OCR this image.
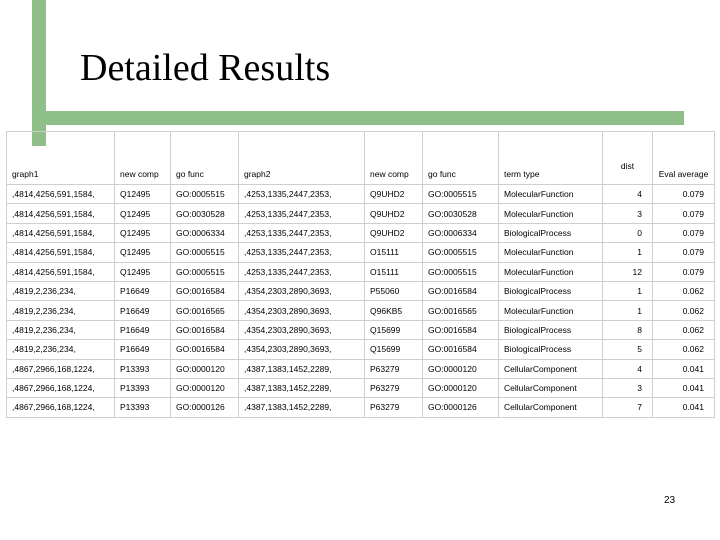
Detailed Results
graph1	new comp	go func	graph2	new comp	go func	term type	dist	Eval average
,4814,4256,591,1584,	Q12495	GO:0005515	,4253,1335,2447,2353,	Q9UHD2	GO:0005515	MolecularFunction	4	0.079
,4814,4256,591,1584,	Q12495	GO:0030528	,4253,1335,2447,2353,	Q9UHD2	GO:0030528	MolecularFunction	3	0.079
,4814,4256,591,1584,	Q12495	GO:0006334	,4253,1335,2447,2353,	Q9UHD2	GO:0006334	BiologicalProcess	0	0.079
,4814,4256,591,1584,	Q12495	GO:0005515	,4253,1335,2447,2353,	O15111	GO:0005515	MolecularFunction	1	0.079
,4814,4256,591,1584,	Q12495	GO:0005515	,4253,1335,2447,2353,	O15111	GO:0005515	MolecularFunction	12	0.079
,4819,2,236,234,	P16649	GO:0016584	,4354,2303,2890,3693,	P55060	GO:0016584	BiologicalProcess	1	0.062
,4819,2,236,234,	P16649	GO:0016565	,4354,2303,2890,3693,	Q96KB5	GO:0016565	MolecularFunction	1	0.062
,4819,2,236,234,	P16649	GO:0016584	,4354,2303,2890,3693,	Q15699	GO:0016584	BiologicalProcess	8	0.062
,4819,2,236,234,	P16649	GO:0016584	,4354,2303,2890,3693,	Q15699	GO:0016584	BiologicalProcess	5	0.062
,4867,2966,168,1224,	P13393	GO:0000120	,4387,1383,1452,2289,	P63279	GO:0000120	CellularComponent	4	0.041
,4867,2966,168,1224,	P13393	GO:0000120	,4387,1383,1452,2289,	P63279	GO:0000120	CellularComponent	3	0.041
,4867,2966,168,1224,	P13393	GO:0000126	,4387,1383,1452,2289,	P63279	GO:0000126	CellularComponent	7	0.041
23
